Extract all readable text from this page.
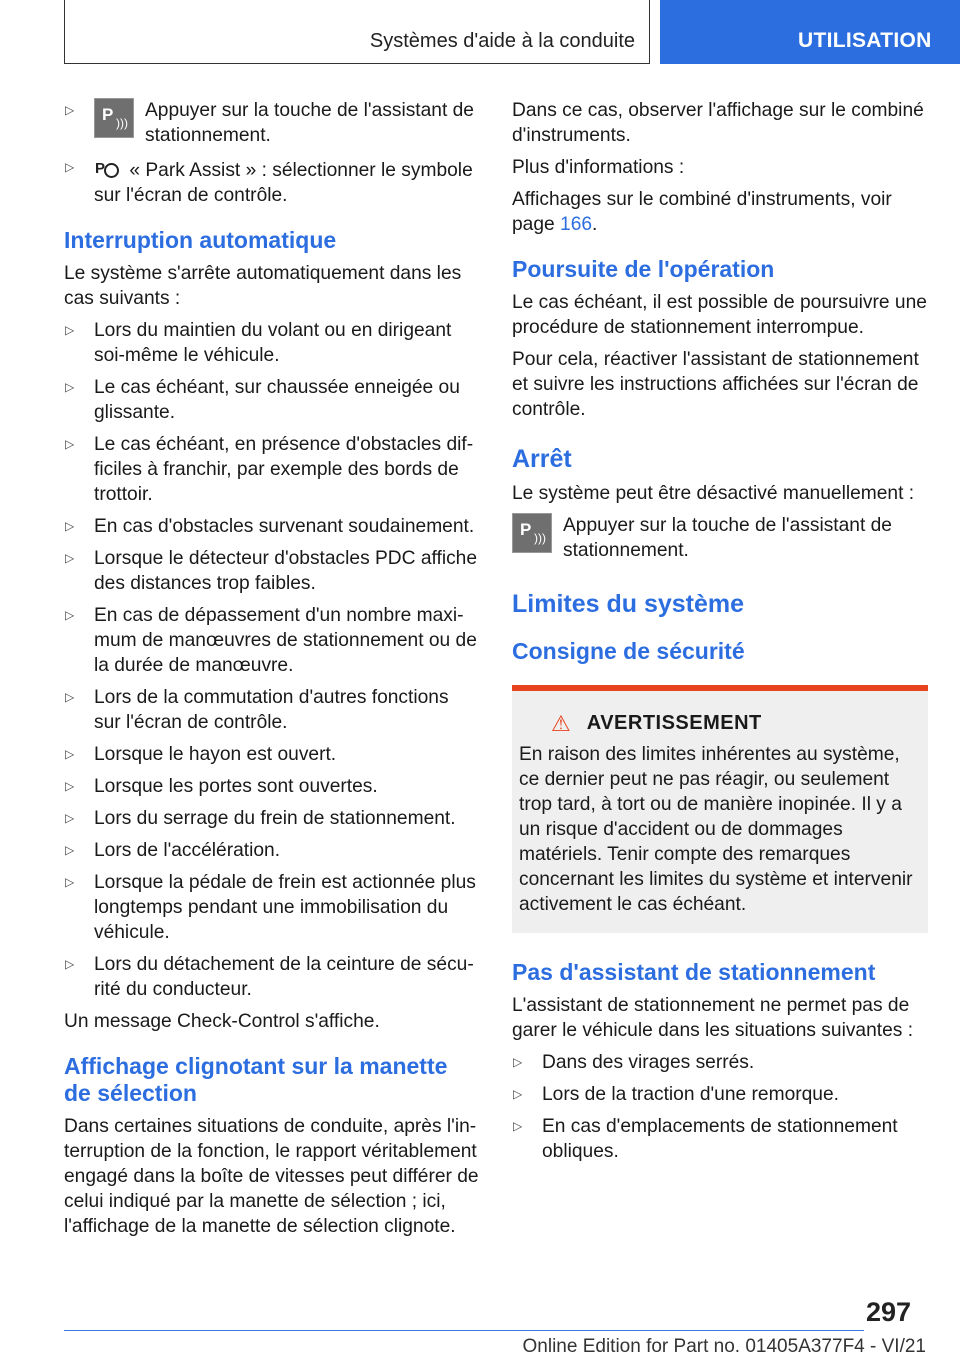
Systèmes d'aide à la conduite	UTILISATION
▷ P )))
Appuyer sur la touche de l'assistant de stationnement.
▷ P « Park Assist » : sélectionner le symbole sur l'écran de contrôle.
Interruption automatique

Le système s'arrête automatiquement dans les cas suivants :

▷ Lors du maintien du volant ou en dirigeant soi-même le véhicule.
▷ Le cas échéant, sur chaussée enneigée ou glissante.
▷ Le cas échéant, en présence d'obstacles difficiles à franchir, par exemple des bords de trottoir.
▷ En cas d'obstacles survenant soudainement.
▷ Lorsque le détecteur d'obstacles PDC affiche des distances trop faibles.
▷ En cas de dépassement d'un nombre maximum de manœuvres de stationnement ou de la durée de manœuvre.
▷ Lors de la commutation d'autres fonctions sur l'écran de contrôle.
▷ Lorsque le hayon est ouvert.
▷ Lorsque les portes sont ouvertes.
▷ Lors du serrage du frein de stationnement.
▷ Lors de l'accélération.
▷ Lorsque la pédale de frein est actionnée plus longtemps pendant une immobilisation du véhicule.
▷ Lors du détachement de la ceinture de sécurité du conducteur.

Un message Check-Control s'affiche.

Affichage clignotant sur la manette de sélection

Dans certaines situations de conduite, après l'interruption de la fonction, le rapport véritablement engagé dans la boîte de vitesses peut différer de celui indiqué par la manette de sélection ; ici, l'affichage de la manette de sélection clignote.

Dans ce cas, observer l'affichage sur le combiné d'instruments.

Plus d'informations :

Affichages sur le combiné d'instruments, voir page 166.

Poursuite de l'opération

Le cas échéant, il est possible de poursuivre une procédure de stationnement interrompue.

Pour cela, réactiver l'assistant de stationnement et suivre les instructions affichées sur l'écran de contrôle.

Arrêt

Le système peut être désactivé manuellement :

P )))
Appuyer sur la touche de l'assistant de stationnement.
Limites du système
Consigne de sécurité
⚠ AVERTISSEMENT

En raison des limites inhérentes au système, ce dernier peut ne pas réagir, ou seulement trop tard, à tort ou de manière inopinée. Il y a un risque d'accident ou de dommages matériels. Tenir compte des remarques concernant les limites du système et intervenir activement le cas échéant.

Pas d'assistant de stationnement

L'assistant de stationnement ne permet pas de garer le véhicule dans les situations suivantes :

▷ Dans des virages serrés.
▷ Lors de la traction d'une remorque.
▷ En cas d'emplacements de stationnement obliques.
297
Online Edition for Part no. 01405A377F4 - VI/21
